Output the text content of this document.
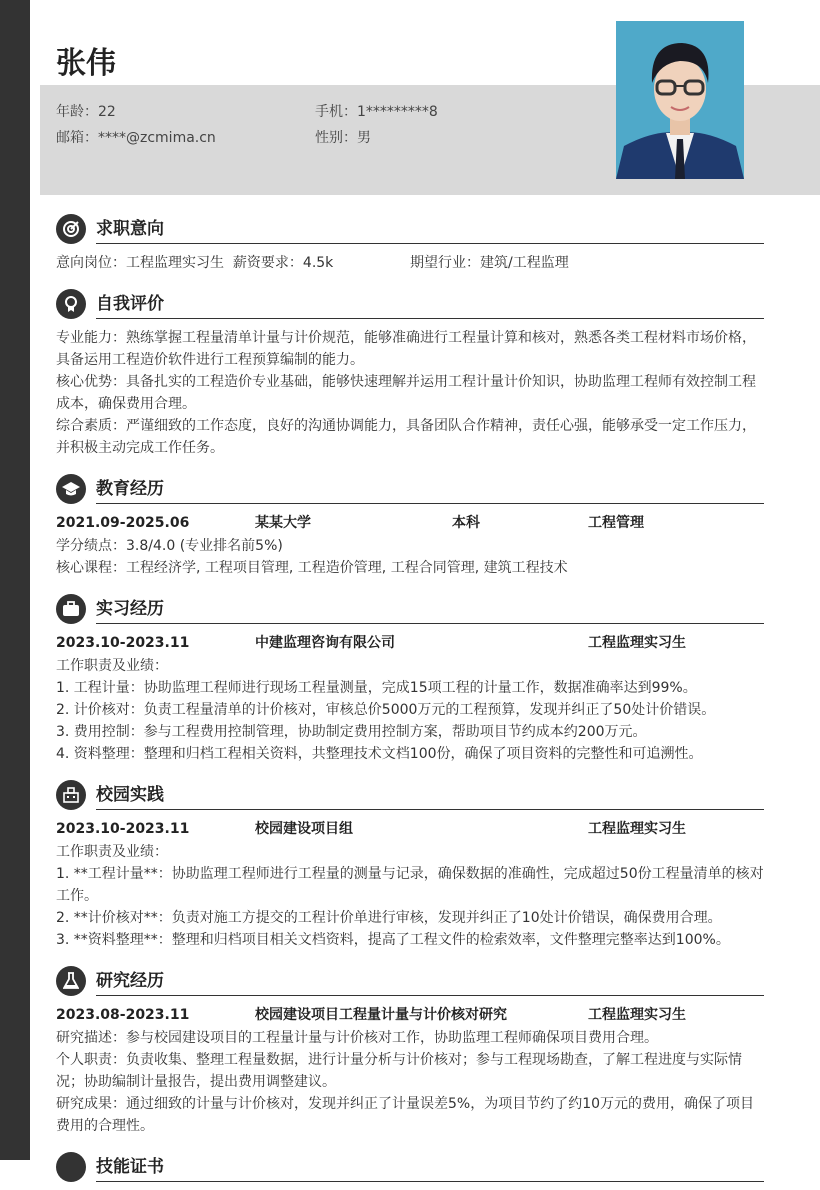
张伟
年龄：22	手机：1*********8
邮箱：****@zcmima.cn	性别：男
求职意向
意向岗位：工程监理实习生 薪资要求：4.5k	期望行业：建筑/工程监理
自我评价
专业能力：熟练掌握工程量清单计量与计价规范，能够准确进行工程量计算和核对，熟悉各类工程材料市场价格，具备运用工程造价软件进行工程预算编制的能力。
核心优势：具备扎实的工程造价专业基础，能够快速理解并运用工程计量计价知识，协助监理工程师有效控制工程成本，确保费用合理。
综合素质：严谨细致的工作态度，良好的沟通协调能力，具备团队合作精神，责任心强，能够承受一定工作压力，并积极主动完成工作任务。
教育经历
2021.09-2025.06	某某大学	本科	工程管理
学分绩点：3.8/4.0 (专业排名前5%)
核心课程：工程经济学, 工程项目管理, 工程造价管理, 工程合同管理, 建筑工程技术
实习经历
2023.10-2023.11	中建监理咨询有限公司	工程监理实习生
工作职责及业绩：
1. 工程计量：协助监理工程师进行现场工程量测量，完成15项工程的计量工作，数据准确率达到99%。
2. 计价核对：负责工程量清单的计价核对，审核总价5000万元的工程预算，发现并纠正了50处计价错误。
3. 费用控制：参与工程费用控制管理，协助制定费用控制方案，帮助项目节约成本约200万元。
4. 资料整理：整理和归档工程相关资料，共整理技术文档100份，确保了项目资料的完整性和可追溯性。
校园实践
2023.10-2023.11	校园建设项目组	工程监理实习生
工作职责及业绩：
1. **工程计量**：协助监理工程师进行工程量的测量与记录，确保数据的准确性，完成超过50份工程量清单的核对工作。
2. **计价核对**：负责对施工方提交的工程计价单进行审核，发现并纠正了10处计价错误，确保费用合理。
3. **资料整理**：整理和归档项目相关文档资料，提高了工程文件的检索效率，文件整理完整率达到100%。
研究经历
2023.08-2023.11	校园建设项目工程量计量与计价核对研究	工程监理实习生
研究描述：参与校园建设项目的工程量计量与计价核对工作，协助监理工程师确保项目费用合理。
个人职责：负责收集、整理工程量数据，进行计量分析与计价核对；参与工程现场勘查，了解工程进度与实际情况；协助编制计量报告，提出费用调整建议。
研究成果：通过细致的计量与计价核对，发现并纠正了计量误差5%，为项目节约了约10万元的费用，确保了项目费用的合理性。
技能证书
